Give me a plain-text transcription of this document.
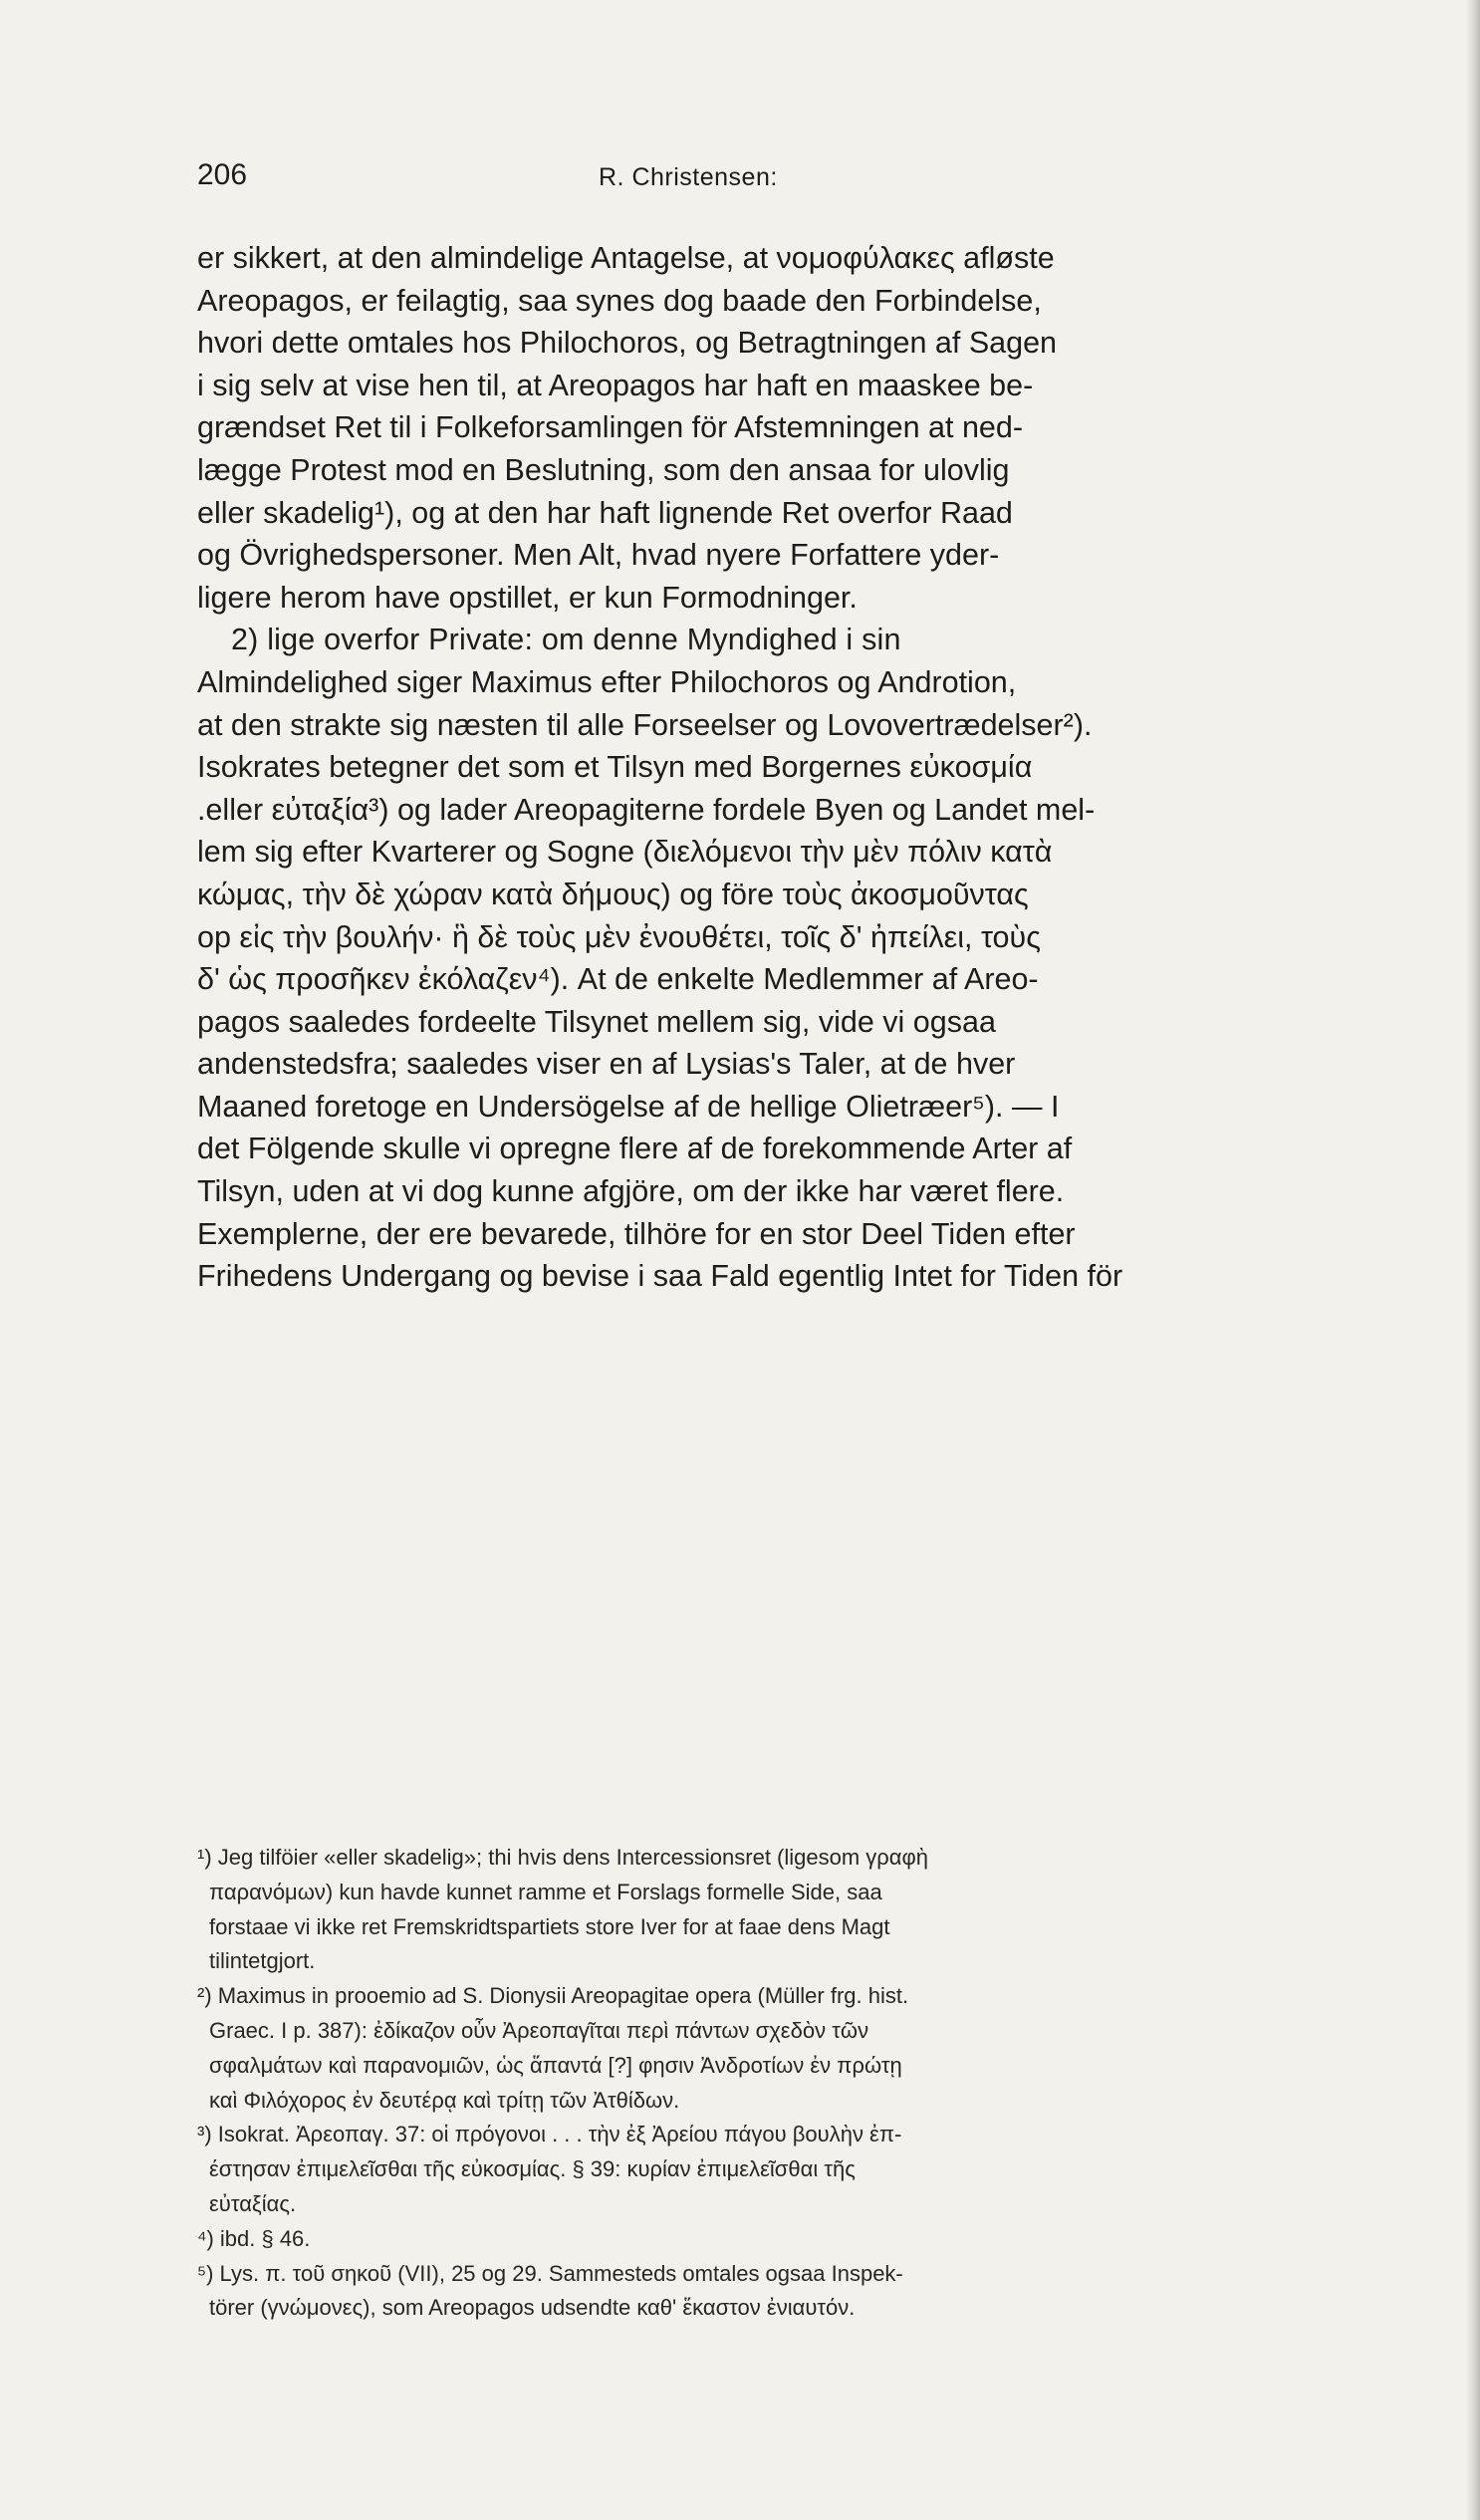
206	R. Christensen:
er sikkert, at den almindelige Antagelse, at νομοφύλακες afløste
Areopagos, er feilagtig, saa synes dog baade den Forbindelse,
hvori dette omtales hos Philochoros, og Betragtningen af Sagen
i sig selv at vise hen til, at Areopagos har haft en maaskee be-
grændset Ret til i Folkeforsamlingen för Afstemningen at ned-
lægge Protest mod en Beslutning, som den ansaa for ulovlig
eller skadelig¹), og at den har haft lignende Ret overfor Raad
og Övrighedspersoner. Men Alt, hvad nyere Forfattere yder-
ligere herom have opstillet, er kun Formodninger.
2) lige overfor Private: om denne Myndighed i sin
Almindelighed siger Maximus efter Philochoros og Androtion,
at den strakte sig næsten til alle Forseelser og Lovovertrædelser²).
Isokrates betegner det som et Tilsyn med Borgernes εὐκοσμία
.eller εὐταξία³) og lader Areopagiterne fordele Byen og Landet mel-
lem sig efter Kvarterer og Sogne (διελόμενοι τὴν μὲν πόλιν κατὰ
κώμας, τὴν δὲ χώραν κατὰ δήμους) og före τοὺς ἀκοσμοῦντας
op εἰς τὴν βουλήν· ἣ δὲ τοὺς μὲν ἐνουθέτει, τοῖς δ' ἠπείλει, τοὺς
δ' ὡς προσῆκεν ἐκόλαζεν⁴). At de enkelte Medlemmer af Areo-
pagos saaledes fordeelte Tilsynet mellem sig, vide vi ogsaa
andenstedsfra; saaledes viser en af Lysias's Taler, at de hver
Maaned foretoge en Undersögelse af de hellige Olietræer⁵). — I
det Fölgende skulle vi opregne flere af de forekommende Arter af
Tilsyn, uden at vi dog kunne afgjöre, om der ikke har været flere.
Exemplerne, der ere bevarede, tilhöre for en stor Deel Tiden efter
Frihedens Undergang og bevise i saa Fald egentlig Intet for Tiden för
¹) Jeg tilföier «eller skadelig»; thi hvis dens Intercessionsret (ligesom γραφὴ
παρανόμων) kun havde kunnet ramme et Forslags formelle Side, saa
forstaae vi ikke ret Fremskridtspartiets store Iver for at faae dens Magt
tilintetgjort.
²) Maximus in prooemio ad S. Dionysii Areopagitae opera (Müller frg. hist.
Graec. I p. 387): ἐδίκαζον οὖν Ἀρεοπαγῖται περὶ πάντων σχεδὸν τῶν
σφαλμάτων καὶ παρανομιῶν, ὡς ἅπαντά [?] φησιν Ἀνδροτίων ἐν πρώτῃ
καὶ Φιλόχορος ἐν δευτέρᾳ καὶ τρίτῃ τῶν Ἀτθίδων.
³) Isokrat. Ἀρεοπαγ. 37: οἱ πρόγονοι . . . τὴν ἐξ Ἀρείου πάγου βουλὴν ἐπ-
έστησαν ἐπιμελεῖσθαι τῆς εὐκοσμίας. § 39: κυρίαν ἐπιμελεῖσθαι τῆς
εὐταξίας.
⁴) ibd. § 46.
⁵) Lys. π. τοῦ σηκοῦ (VII), 25 og 29. Sammesteds omtales ogsaa Inspek-
törer (γνώμονες), som Areopagos udsendte καθ' ἕκαστον ἐνιαυτόν.
